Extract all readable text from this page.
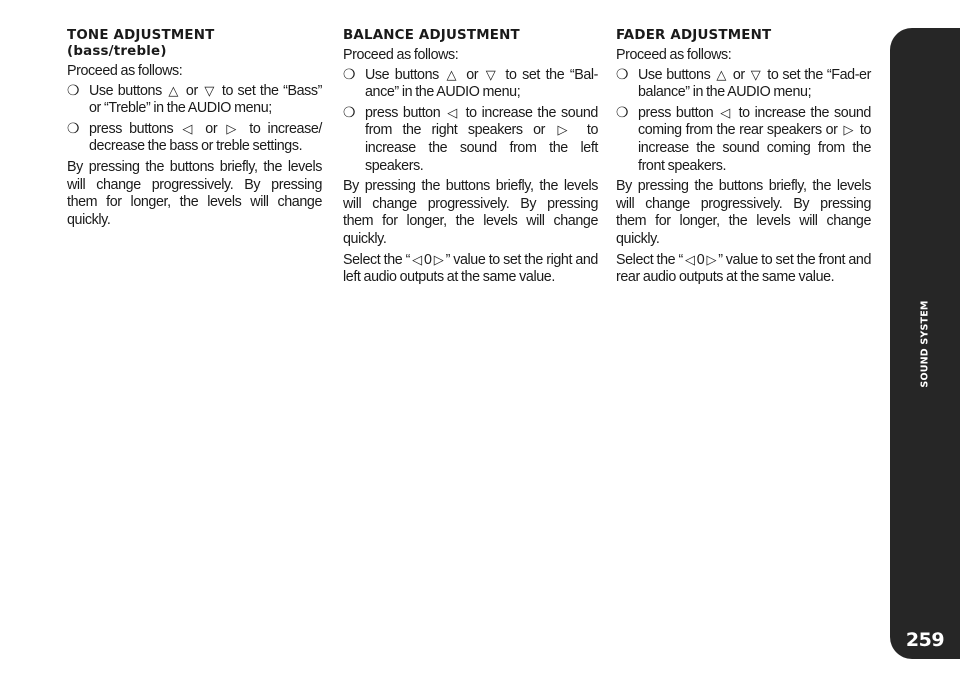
TONE ADJUSTMENT
(bass/treble)

Proceed as follows:

❍ Use buttons △ or ▽ to set the “Bass” or “Treble” in the AUDIO menu;
❍ press buttons ◁ or ▷ to increase/ decrease the bass or treble settings.

By pressing the buttons briefly, the levels will change progressively. By pressing them for longer, the levels will change quickly.

BALANCE ADJUSTMENT

Proceed as follows:

❍ Use buttons △ or ▽ to set the “Bal-ance” in the AUDIO menu;
❍ press button ◁ to increase the sound from the right speakers or ▷ to increase the sound from the left speakers.

By pressing the buttons briefly, the levels will change progressively. By pressing them for longer, the levels will change quickly.

Select the “ ◁ 0 ▷ ” value to set the right and left audio outputs at the same value.

FADER ADJUSTMENT

Proceed as follows:

❍ Use buttons △ or ▽ to set the “Fad-er balance” in the AUDIO menu;
❍ press button ◁ to increase the sound coming from the rear speakers or ▷ to increase the sound coming from the front speakers.

By pressing the buttons briefly, the levels will change progressively. By pressing them for longer, the levels will change quickly.

Select the “ ◁ 0 ▷ ” value to set the front and rear audio outputs at the same value.

SOUND SYSTEM
259
